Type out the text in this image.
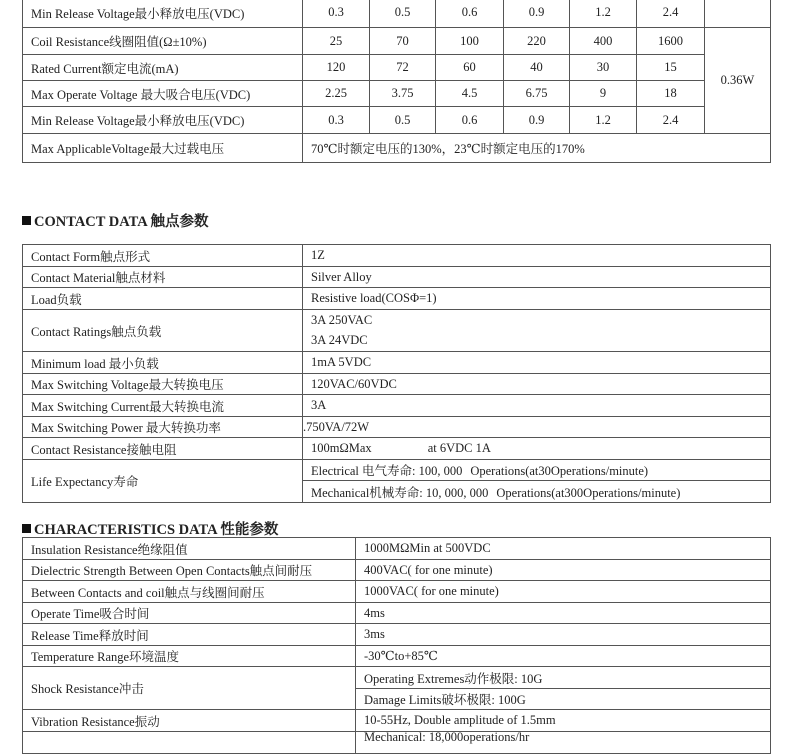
Min Release Voltage最小释放电压(VDC)	0.3	0.5	0.6	0.9	1.2	2.4	
Coil Resistance线圈阻值(Ω±10%)	25	70	100	220	400	1600	0.36W
Rated Current额定电流(mA)	120	72	60	40	30	15	
Max Operate Voltage 最大吸合电压(VDC)	2.25	3.75	4.5	6.75	9	18	
Min Release Voltage最小释放电压(VDC)	0.3	0.5	0.6	0.9	1.2	2.4	
Max ApplicableVoltage最大过载电压	70℃时额定电压的130%，23℃时额定电压的170%						
CONTACT DATA 触点参数
Contact Form触点形式	1Z
Contact Material触点材料	Silver Alloy
Load负载	Resistive load(COSΦ=1)
Contact Ratings触点负载	3A 250VAC
	3A 24VDC
Minimum load 最小负载	1mA 5VDC
Max Switching Voltage最大转换电压	120VAC/60VDC
Max Switching Current最大转换电流	3A
Max Switching Power 最大转换功率	.750VA/72W
Contact Resistance接触电阻	100mΩMax at 6VDC 1A
Life Expectancy寿命	Electrical 电气寿命: 100, 000 Operations(at30Operations/minute)
	Mechanical机械寿命: 10, 000, 000 Operations(at300Operations/minute)
CHARACTERISTICS DATA 性能参数
Insulation Resistance绝缘阻值	1000MΩMin at 500VDC
Dielectric Strength Between Open Contacts触点间耐压	400VAC( for one minute)
Between Contacts and coil触点与线圈间耐压	1000VAC( for one minute)
Operate Time吸合时间	4ms
Release Time释放时间	3ms
Temperature Range环境温度	-30℃to+85℃
Shock Resistance冲击	Operating Extremes动作极限: 10G
	Damage Limits破坏极限: 100G
Vibration Resistance振动	10-55Hz, Double amplitude of 1.5mm
	Mechanical: 18,000operations/hr
